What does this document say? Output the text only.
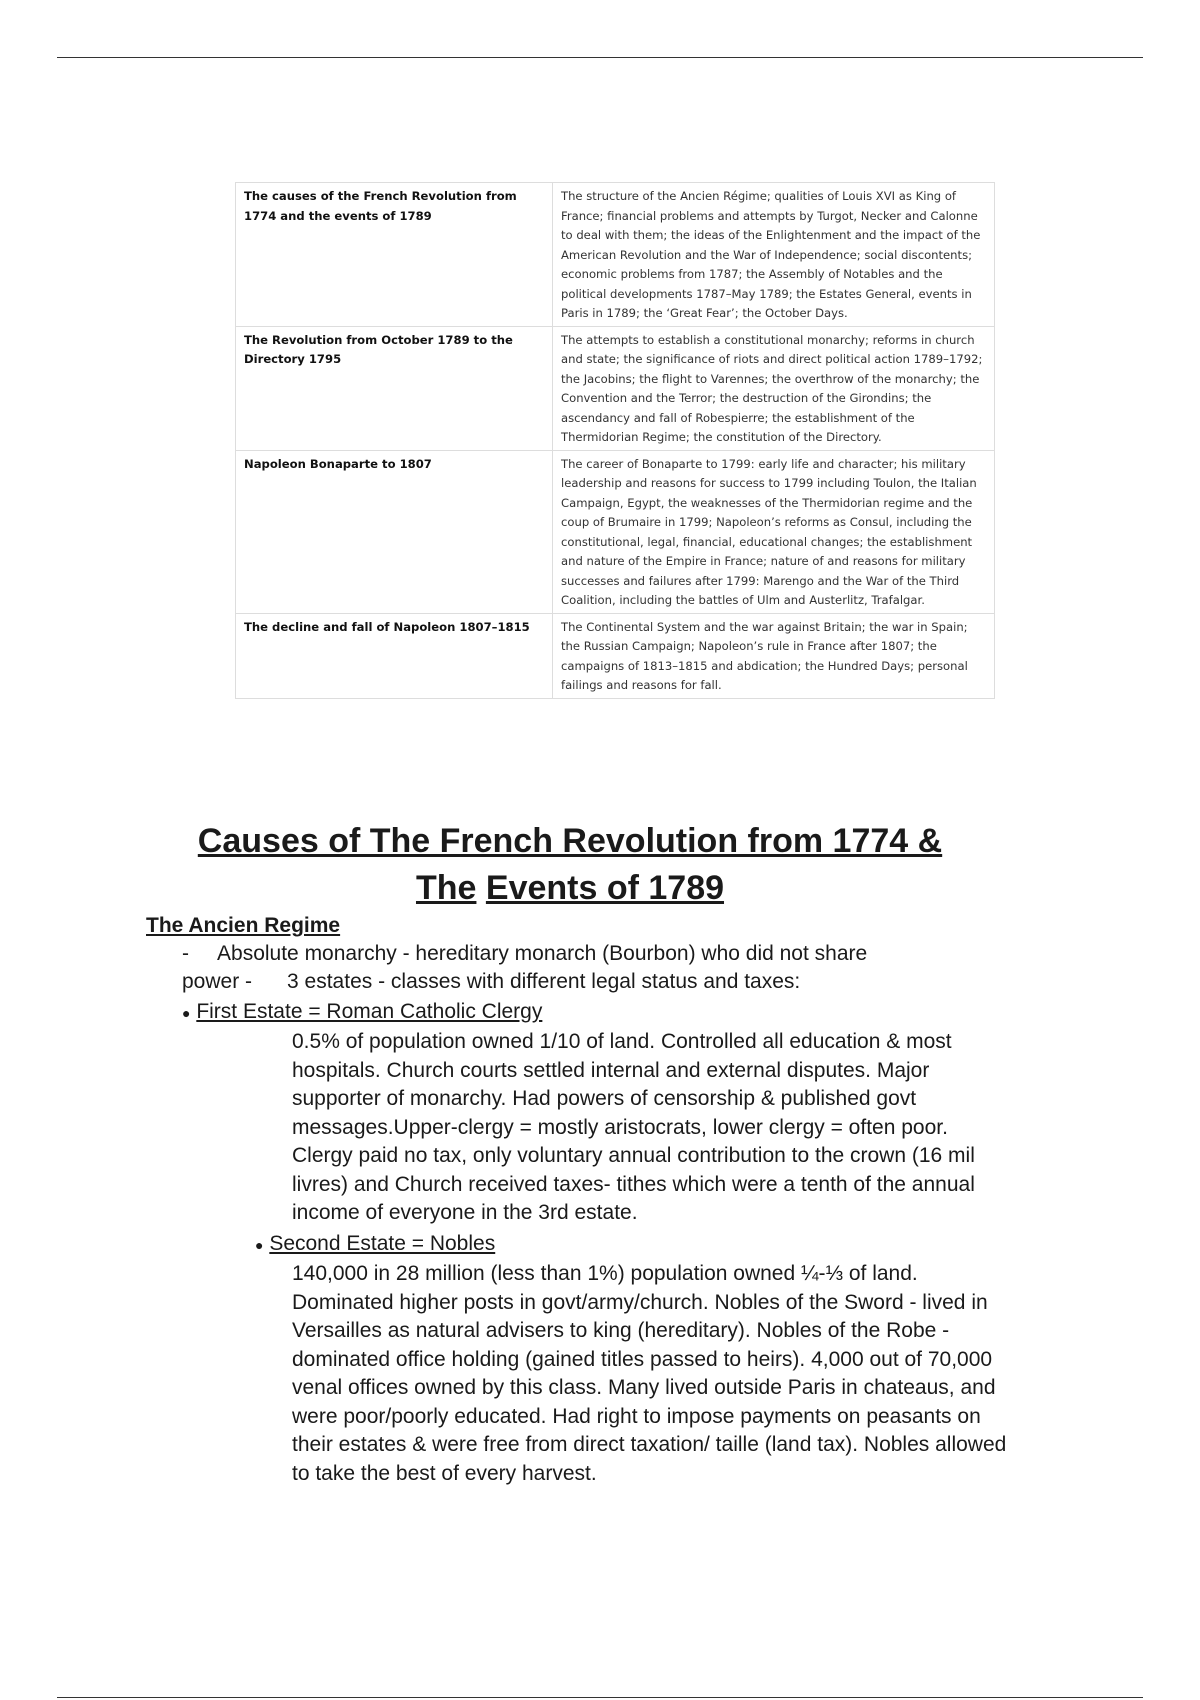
The causes of the French Revolution from 1774 and the events of 1789	The structure of the Ancien Régime; qualities of Louis XVI as King of France; financial problems and attempts by Turgot, Necker and Calonne to deal with them; the ideas of the Enlightenment and the impact of the American Revolution and the War of Independence; social discontents; economic problems from 1787; the Assembly of Notables and the political developments 1787–May 1789; the Estates General, events in Paris in 1789; the ‘Great Fear’; the October Days.
The Revolution from October 1789 to the Directory 1795	The attempts to establish a constitutional monarchy; reforms in church and state; the significance of riots and direct political action 1789–1792; the Jacobins; the flight to Varennes; the overthrow of the monarchy; the Convention and the Terror; the destruction of the Girondins; the ascendancy and fall of Robespierre; the establishment of the Thermidorian Regime; the constitution of the Directory.
Napoleon Bonaparte to 1807	The career of Bonaparte to 1799: early life and character; his military leadership and reasons for success to 1799 including Toulon, the Italian Campaign, Egypt, the weaknesses of the Thermidorian regime and the coup of Brumaire in 1799; Napoleon’s reforms as Consul, including the constitutional, legal, financial, educational changes; the establishment and nature of the Empire in France; nature of and reasons for military successes and failures after 1799: Marengo and the War of the Third Coalition, including the battles of Ulm and Austerlitz, Trafalgar.
The decline and fall of Napoleon 1807–1815	The Continental System and the war against Britain; the war in Spain; the Russian Campaign; Napoleon’s rule in France after 1807; the campaigns of 1813–1815 and abdication; the Hundred Days; personal failings and reasons for fall.
Causes of The French Revolution from 1774 &
The Events of 1789
The Ancien Regime
-     Absolute monarchy - hereditary monarch (Bourbon) who did not share
power -      3 estates - classes with different legal status and taxes:
● First Estate = Roman Catholic Clergy
0.5% of population owned 1/10 of land. Controlled all education & most
hospitals. Church courts settled internal and external disputes. Major
supporter of monarchy. Had powers of censorship & published govt
messages.Upper-clergy = mostly aristocrats, lower clergy = often poor.
Clergy paid no tax, only voluntary annual contribution to the crown (16 mil
livres) and Church received taxes- tithes which were a tenth of the annual
income of everyone in the 3rd estate.
● Second Estate = Nobles
140,000 in 28 million (less than 1%) population owned ¼-⅓ of land.
Dominated higher posts in govt/army/church. Nobles of the Sword - lived in
Versailles as natural advisers to king (hereditary). Nobles of the Robe -
dominated office holding (gained titles passed to heirs). 4,000 out of 70,000
venal offices owned by this class. Many lived outside Paris in chateaus, and
were poor/poorly educated. Had right to impose payments on peasants on
their estates & were free from direct taxation/ taille (land tax). Nobles allowed
to take the best of every harvest.
